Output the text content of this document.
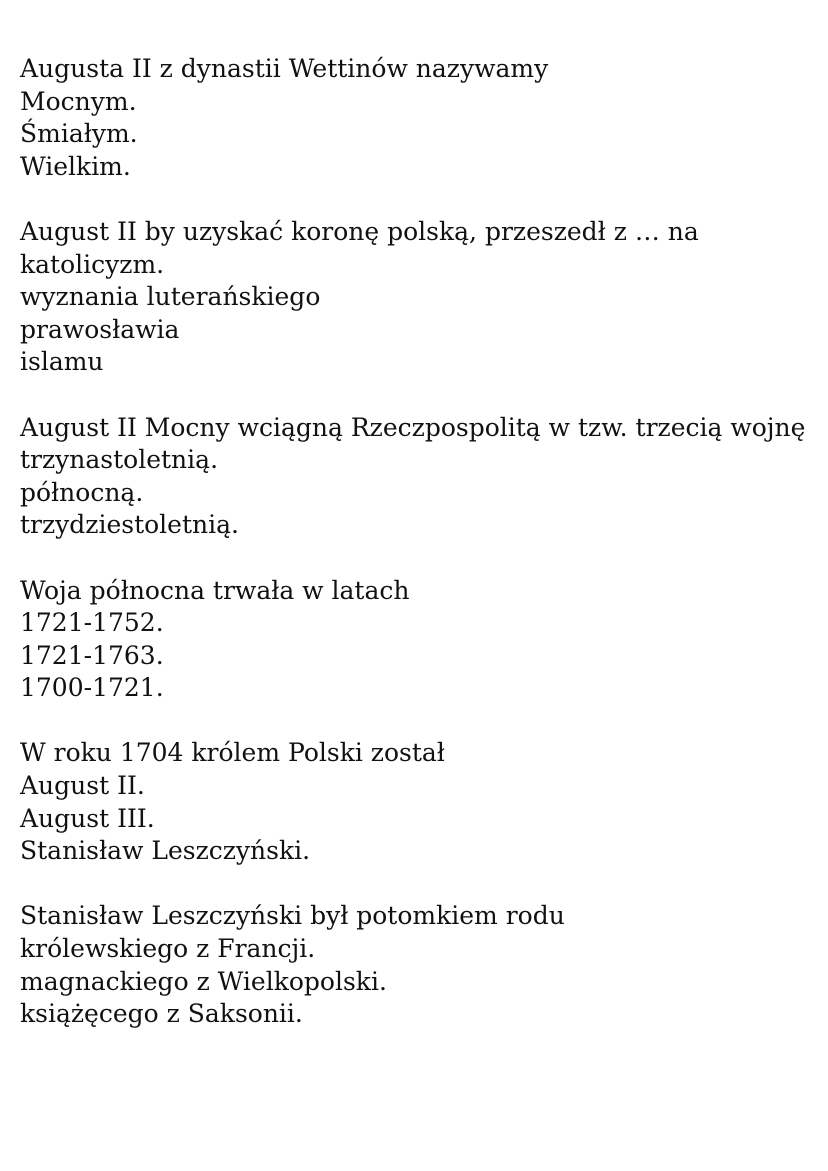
Augusta II z dynastii Wettinów nazywamy

Mocnym.
Śmiałym.
Wielkim.

August II by uzyskać koronę polską, przeszedł z … na katolicyzm.

wyznania luterańskiego
prawosławia
islamu

August II Mocny wciągną Rzeczpospolitą w tzw. trzecią wojnę

trzynastoletnią.
północną.
trzydziestoletnią.

Woja północna trwała w latach

1721-1752.
1721-1763.
1700-1721.

W roku 1704 królem Polski został

August II.
August III.
Stanisław Leszczyński.

Stanisław Leszczyński był potomkiem rodu

królewskiego z Francji.
magnackiego z Wielkopolski.
książęcego z Saksonii.
